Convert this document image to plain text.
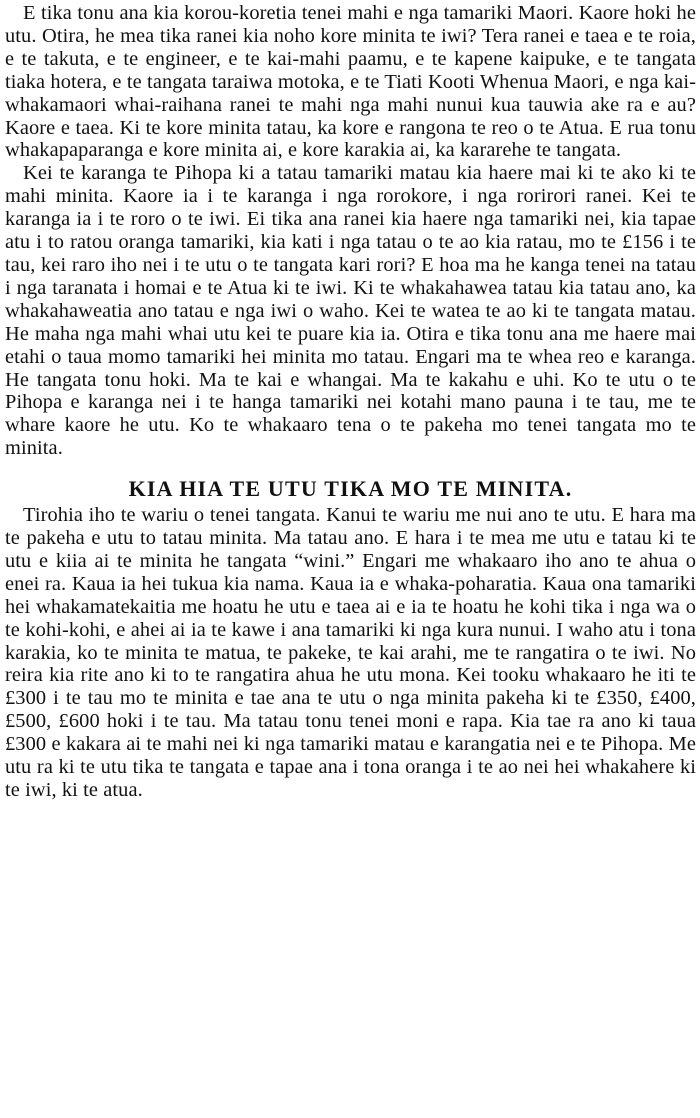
E tika tonu ana kia korou-koretia tenei mahi e nga tamariki Maori. Kaore hoki he utu. Otira, he mea tika ranei kia noho kore minita te iwi? Tera ranei e taea e te roia, e te takuta, e te engineer, e te kai-mahi paamu, e te kapene kaipuke, e te tangata tiaka hotera, e te tangata taraiwa motoka, e te Tiati Kooti Whenua Maori, e nga kai-whakamaori whai-raihana ranei te mahi nga mahi nunui kua tauwia ake ra e au? Kaore e taea. Ki te kore minita tatau, ka kore e rangona te reo o te Atua. E rua tonu whakapaparanga e kore minita ai, e kore karakia ai, ka kararehe te tangata.

Kei te karanga te Pihopa ki a tatau tamariki matau kia haere mai ki te ako ki te mahi minita. Kaore ia i te karanga i nga rorokore, i nga rorirori ranei. Kei te karanga ia i te roro o te iwi. Ei tika ana ranei kia haere nga tamariki nei, kia tapae atu i to ratou oranga tamariki, kia kati i nga tatau o te ao kia ratau, mo te £156 i te tau, kei raro iho nei i te utu o te tangata kari rori? E hoa ma he kanga tenei na tatau i nga taranata i homai e te Atua ki te iwi. Ki te whakahawea tatau kia tatau ano, ka whakahaweatia ano tatau e nga iwi o waho. Kei te watea te ao ki te tangata matau. He maha nga mahi whai utu kei te puare kia ia. Otira e tika tonu ana me haere mai etahi o taua momo tamariki hei minita mo tatau. Engari ma te whea reo e karanga. He tangata tonu hoki. Ma te kai e whangai. Ma te kakahu e uhi. Ko te utu o te Pihopa e karanga nei i te hanga tamariki nei kotahi mano pauna i te tau, me te whare kaore he utu. Ko te whakaaro tena o te pakeha mo tenei tangata mo te minita.

KIA HIA TE UTU TIKA MO TE MINITA.

Tirohia iho te wariu o tenei tangata. Kanui te wariu me nui ano te utu. E hara ma te pakeha e utu to tatau minita. Ma tatau ano. E hara i te mea me utu e tatau ki te utu e kiia ai te minita he tangata “wini.” Engari me whakaaro iho ano te ahua o enei ra. Kaua ia hei tukua kia nama. Kaua ia e whaka-poharatia. Kaua ona tamariki hei whakamatekaitia me hoatu he utu e taea ai e ia te hoatu he kohi tika i nga wa o te kohi-kohi, e ahei ai ia te kawe i ana tamariki ki nga kura nunui. I waho atu i tona karakia, ko te minita te matua, te pakeke, te kai arahi, me te rangatira o te iwi. No reira kia rite ano ki to te rangatira ahua he utu mona. Kei tooku whakaaro he iti te £300 i te tau mo te minita e tae ana te utu o nga minita pakeha ki te £350, £400, £500, £600 hoki i te tau. Ma tatau tonu tenei moni e rapa. Kia tae ra ano ki taua £300 e kakara ai te mahi nei ki nga tamariki matau e karangatia nei e te Pihopa. Me utu ra ki te utu tika te tangata e tapae ana i tona oranga i te ao nei hei whakahere ki te iwi, ki te atua.
